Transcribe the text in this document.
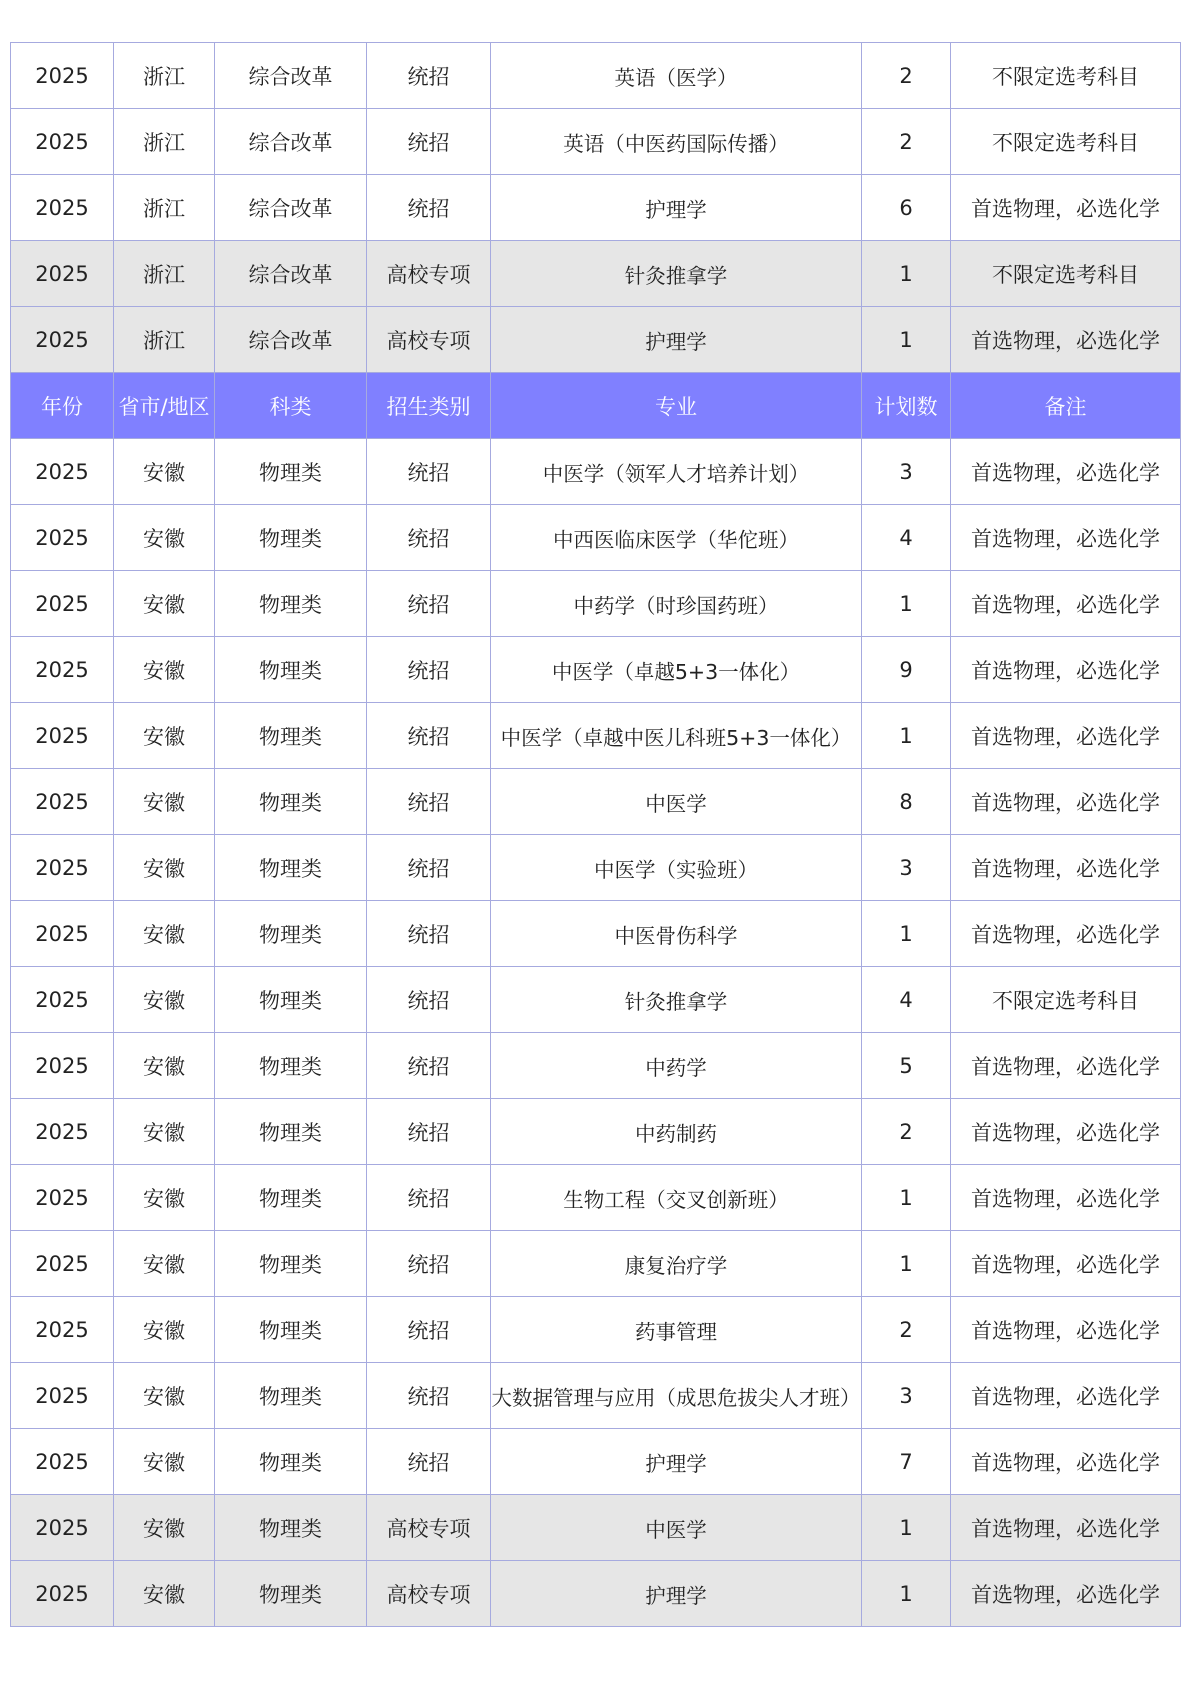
2025	浙江	综合改革	统招	英语（医学）	2	不限定选考科目
2025	浙江	综合改革	统招	英语（中医药国际传播）	2	不限定选考科目
2025	浙江	综合改革	统招	护理学	6	首选物理，必选化学
2025	浙江	综合改革	高校专项	针灸推拿学	1	不限定选考科目
2025	浙江	综合改革	高校专项	护理学	1	首选物理，必选化学
年份	省市/地区	科类	招生类别	专业	计划数	备注
2025	安徽	物理类	统招	中医学（领军人才培养计划）	3	首选物理，必选化学
2025	安徽	物理类	统招	中西医临床医学（华佗班）	4	首选物理，必选化学
2025	安徽	物理类	统招	中药学（时珍国药班）	1	首选物理，必选化学
2025	安徽	物理类	统招	中医学（卓越5+3一体化）	9	首选物理，必选化学
2025	安徽	物理类	统招	中医学（卓越中医儿科班5+3一体化）	1	首选物理，必选化学
2025	安徽	物理类	统招	中医学	8	首选物理，必选化学
2025	安徽	物理类	统招	中医学（实验班）	3	首选物理，必选化学
2025	安徽	物理类	统招	中医骨伤科学	1	首选物理，必选化学
2025	安徽	物理类	统招	针灸推拿学	4	不限定选考科目
2025	安徽	物理类	统招	中药学	5	首选物理，必选化学
2025	安徽	物理类	统招	中药制药	2	首选物理，必选化学
2025	安徽	物理类	统招	生物工程（交叉创新班）	1	首选物理，必选化学
2025	安徽	物理类	统招	康复治疗学	1	首选物理，必选化学
2025	安徽	物理类	统招	药事管理	2	首选物理，必选化学
2025	安徽	物理类	统招	大数据管理与应用（成思危拔尖人才班）	3	首选物理，必选化学
2025	安徽	物理类	统招	护理学	7	首选物理，必选化学
2025	安徽	物理类	高校专项	中医学	1	首选物理，必选化学
2025	安徽	物理类	高校专项	护理学	1	首选物理，必选化学
